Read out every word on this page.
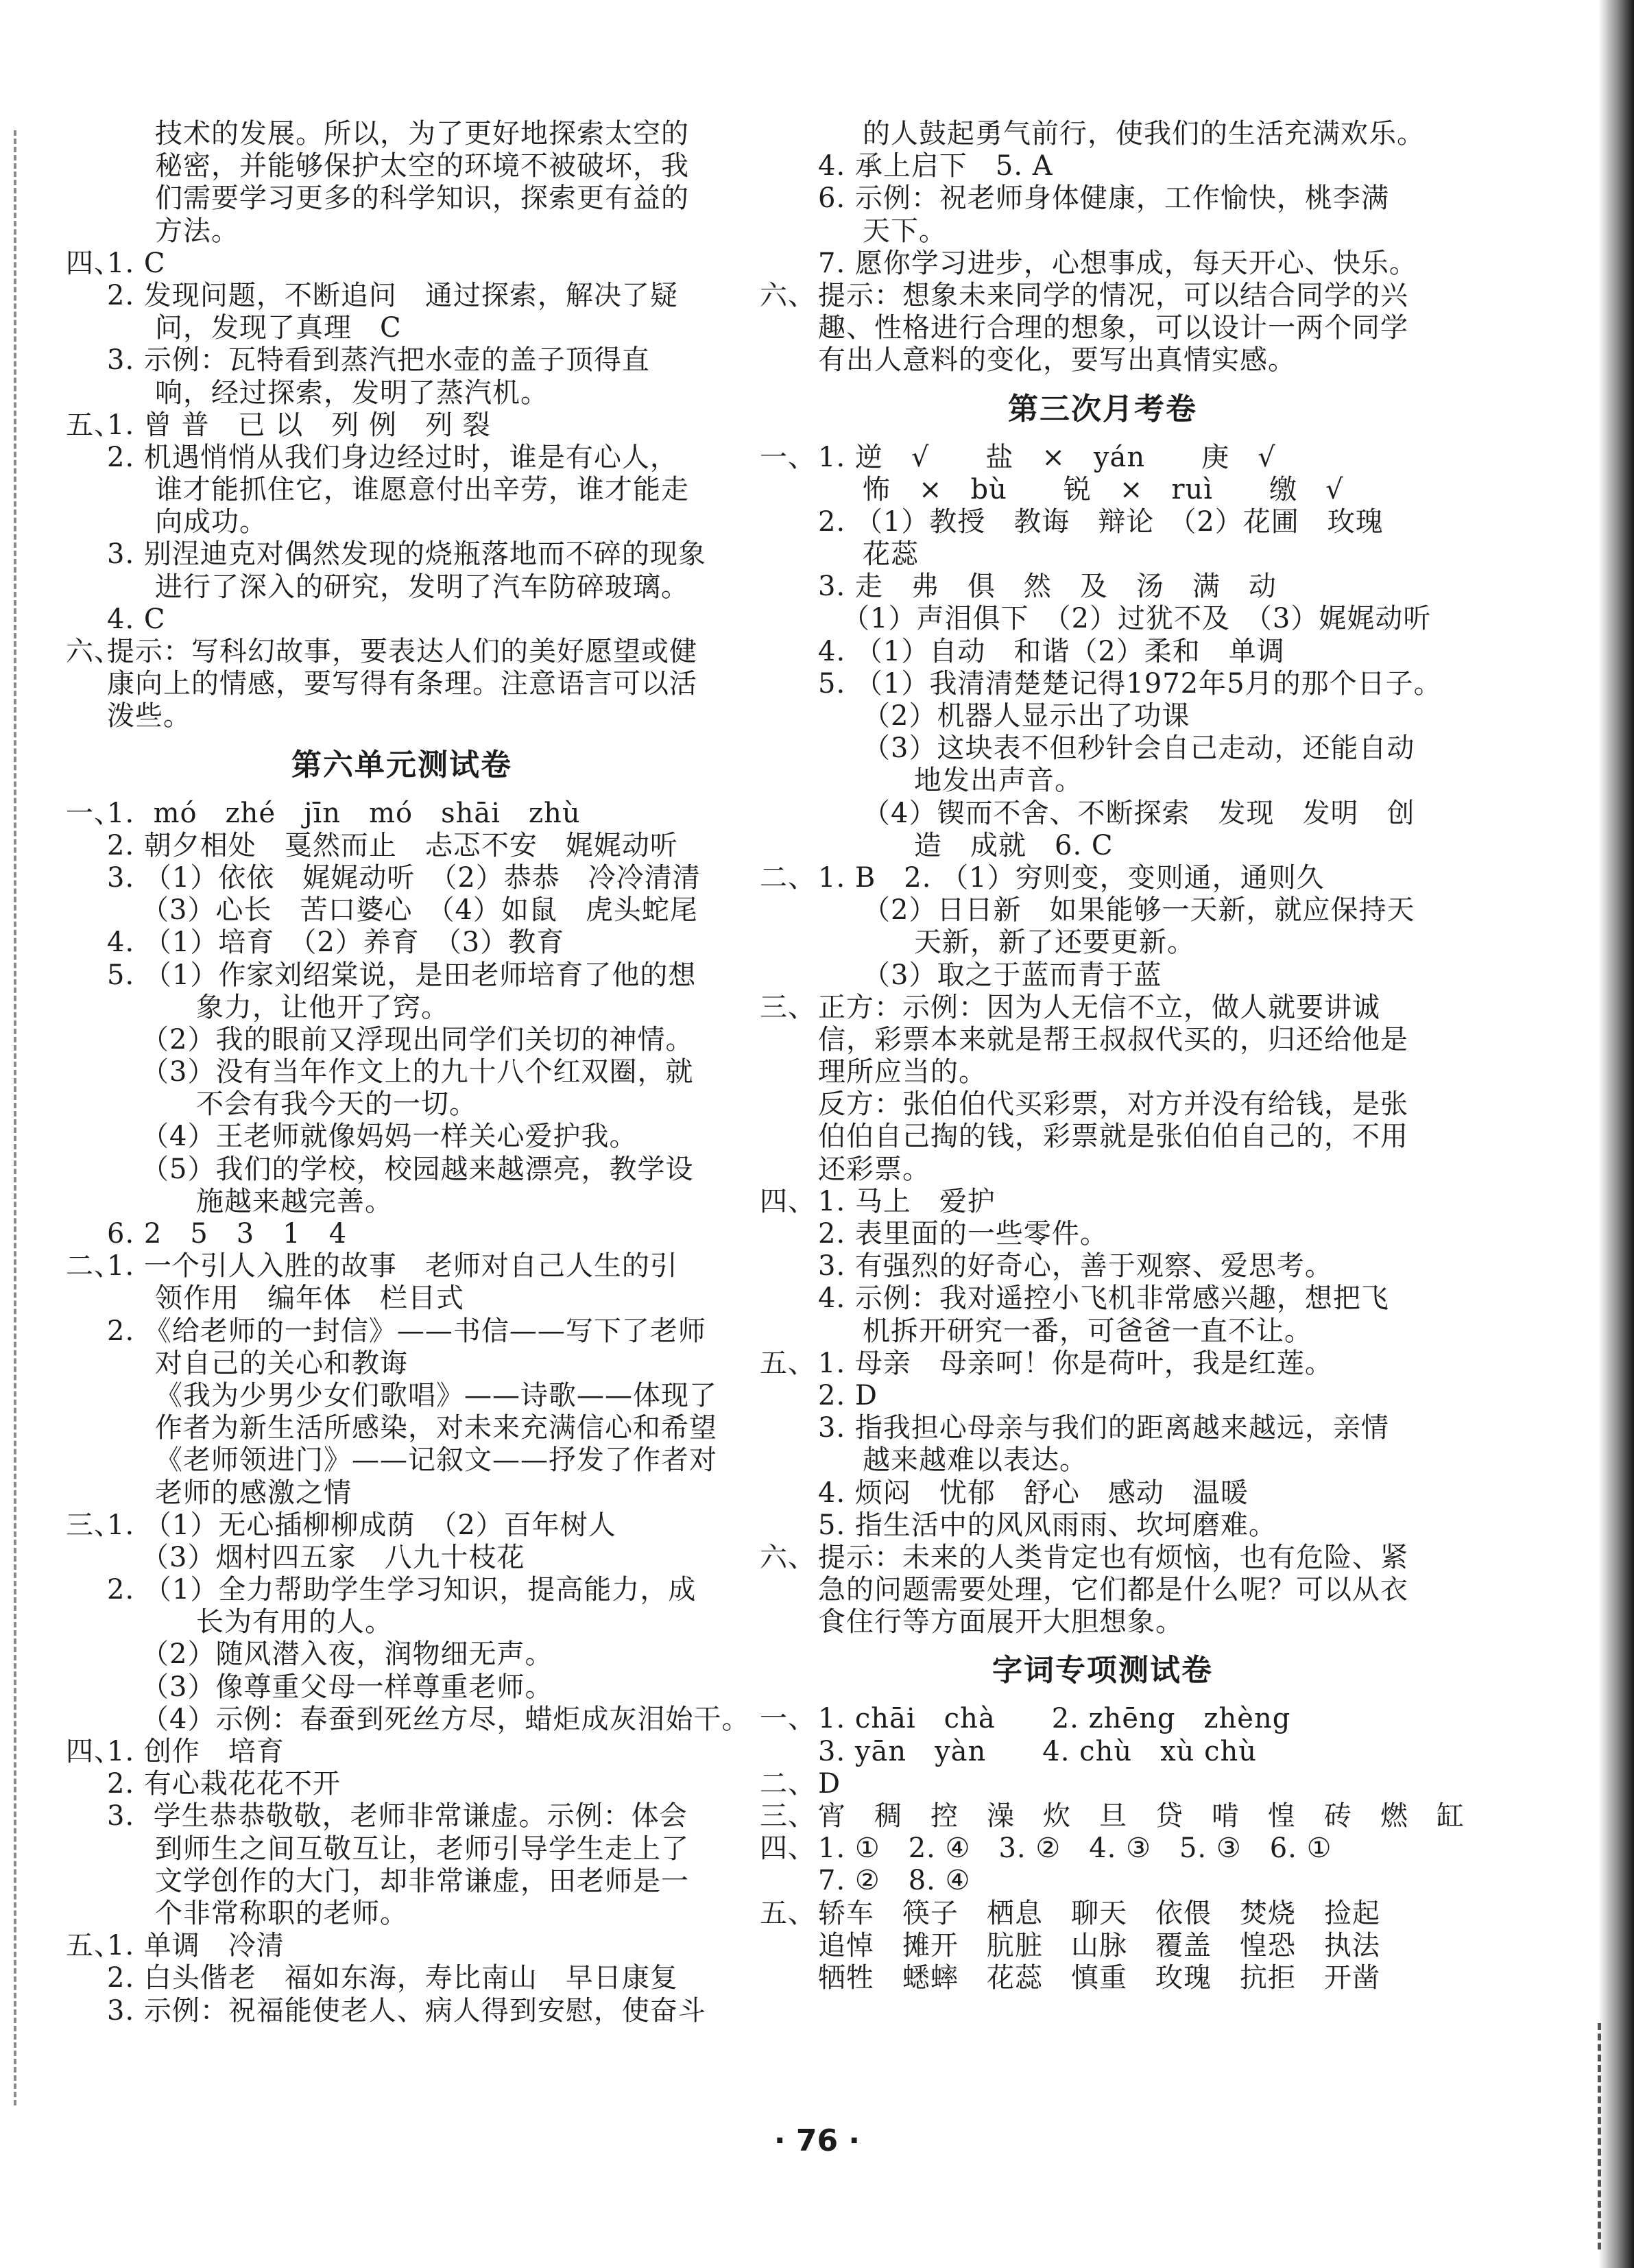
技术的发展。所以，为了更好地探索太空的
秘密，并能够保护太空的环境不被破坏，我
们需要学习更多的科学知识，探索更有益的
方法。
四、
1. C
2. 发现问题，不断追问　通过探索，解决了疑
问，发现了真理　C
3. 示例：瓦特看到蒸汽把水壶的盖子顶得直
响，经过探索，发明了蒸汽机。
五、
1. 曾 普　已 以　列 例　列 裂
2. 机遇悄悄从我们身边经过时，谁是有心人，
谁才能抓住它，谁愿意付出辛劳，谁才能走
向成功。
3. 别涅迪克对偶然发现的烧瓶落地而不碎的现象
进行了深入的研究，发明了汽车防碎玻璃。
4. C
六、
提示：写科幻故事，要表达人们的美好愿望或健
康向上的情感，要写得有条理。注意语言可以活
泼些。
第六单元测试卷
一、
1.  mó　zhé　jīn　mó　shāi　zhù
2. 朝夕相处　戛然而止　忐忑不安　娓娓动听
3. （1）依依　娓娓动听　（2）恭恭　冷冷清清
（3）心长　苦口婆心　（4）如鼠　虎头蛇尾
4. （1）培育　（2）养育　（3）教育
5. （1）作家刘绍棠说，是田老师培育了他的想
象力，让他开了窍。
（2）我的眼前又浮现出同学们关切的神情。
（3）没有当年作文上的九十八个红双圈，就
不会有我今天的一切。
（4）王老师就像妈妈一样关心爱护我。
（5）我们的学校，校园越来越漂亮，教学设
施越来越完善。
6. 2　5　3　1　4
二、
1. 一个引人入胜的故事　老师对自己人生的引
领作用　编年体　栏目式
2. 《给老师的一封信》——书信——写下了老师
对自己的关心和教诲
《我为少男少女们歌唱》——诗歌——体现了
作者为新生活所感染，对未来充满信心和希望
《老师领进门》——记叙文——抒发了作者对
老师的感激之情
三、
1. （1）无心插柳柳成荫　（2）百年树人
（3）烟村四五家　八九十枝花
2. （1）全力帮助学生学习知识，提高能力，成
长为有用的人。
（2）随风潜入夜，润物细无声。
（3）像尊重父母一样尊重老师。
（4）示例：春蚕到死丝方尽，蜡炬成灰泪始干。
四、
1. 创作　培育
2. 有心栽花花不开
3.  学生恭恭敬敬，老师非常谦虚。示例：体会
到师生之间互敬互让，老师引导学生走上了
文学创作的大门，却非常谦虚，田老师是一
个非常称职的老师。
五、
1. 单调　冷清
2. 白头偕老　福如东海，寿比南山　早日康复
3. 示例：祝福能使老人、病人得到安慰，使奋斗
的人鼓起勇气前行，使我们的生活充满欢乐。
4. 承上启下　5. A
6. 示例：祝老师身体健康，工作愉快，桃李满
天下。
7. 愿你学习进步，心想事成，每天开心、快乐。
六、 提示：想象未来同学的情况，可以结合同学的兴
趣、性格进行合理的想象，可以设计一两个同学
有出人意料的变化，要写出真情实感。
第三次月考卷
一、 1. 逆　√　　盐　×　yán　　庚　√
怖　×　bù　　锐　×　ruì　　缴　√
2. （1）教授　教诲　辩论　（2）花圃　玫瑰
花蕊
3. 走　弗　俱　然　及　汤　满　动
（1）声泪俱下　（2）过犹不及　（3）娓娓动听
4. （1）自动　和谐（2）柔和　单调
5. （1）我清清楚楚记得1972年5月的那个日子。
（2）机器人显示出了功课
（3）这块表不但秒针会自己走动，还能自动
地发出声音。
（4）锲而不舍、不断探索　发现　发明　创
造　成就　6. C
二、 1. B　2. （1）穷则变，变则通，通则久
（2）日日新　如果能够一天新，就应保持天
天新，新了还要更新。
（3）取之于蓝而青于蓝
三、 正方：示例：因为人无信不立，做人就要讲诚
信，彩票本来就是帮王叔叔代买的，归还给他是
理所应当的。
反方：张伯伯代买彩票，对方并没有给钱，是张
伯伯自己掏的钱，彩票就是张伯伯自己的，不用
还彩票。
四、 1. 马上　爱护
2. 表里面的一些零件。
3. 有强烈的好奇心，善于观察、爱思考。
4. 示例：我对遥控小飞机非常感兴趣，想把飞
机拆开研究一番，可爸爸一直不让。
五、 1. 母亲　母亲呵！你是荷叶，我是红莲。
2. D
3. 指我担心母亲与我们的距离越来越远，亲情
越来越难以表达。
4. 烦闷　忧郁　舒心　感动　温暖
5. 指生活中的风风雨雨、坎坷磨难。
六、 提示：未来的人类肯定也有烦恼，也有危险、紧
急的问题需要处理，它们都是什么呢？可以从衣
食住行等方面展开大胆想象。
字词专项测试卷
一、 1. chāi　chà　　2. zhēng　zhèng
3. yān　yàn　　4. chù　xù chù
二、 D
三、 宵　稠　控　澡　炊　旦　贷　啃　惶　砖　燃　缸
四、 1. ①　2. ④　3. ②　4. ③　5. ③　6. ①
7. ②　8. ④
五、 轿车　筷子　栖息　聊天　依偎　焚烧　捡起
追悼　摊开　肮脏　山脉　覆盖　惶恐　执法
牺牲　蟋蟀　花蕊　慎重　玫瑰　抗拒　开凿
· 76 ·
